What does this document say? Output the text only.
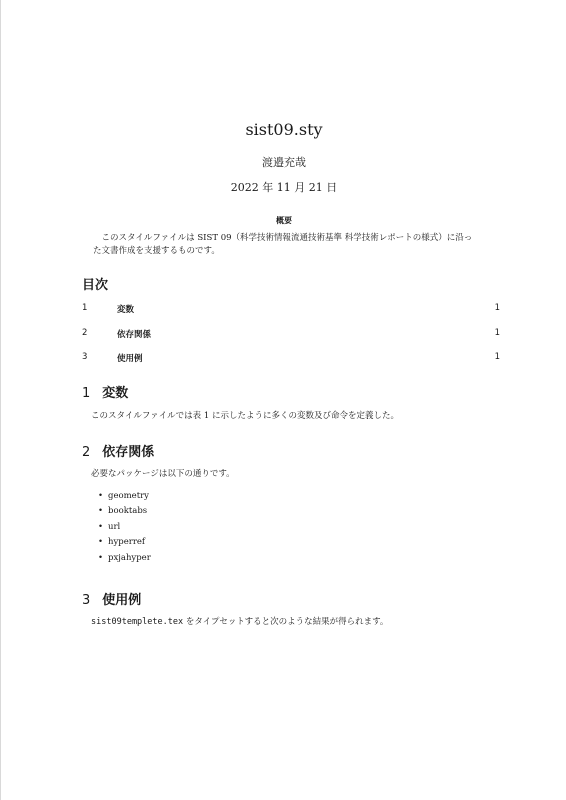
sist09.sty
渡邉充哉
2022 年 11 月 21 日
概要
このスタイルファイルは SIST 09（科学技術情報流通技術基準 科学技術レポートの様式）に沿った文書作成を支援するものです。
目次
1	変数	1
2	依存関係	1
3	使用例	1
1 変数
このスタイルファイルでは表 1 に示したように多くの変数及び命令を定義した。
2 依存関係
必要なパッケージは以下の通りです。
• geometry
• booktabs
• url
• hyperref
• pxjahyper
3 使用例
sist09templete.tex をタイプセットすると次のような結果が得られます。
